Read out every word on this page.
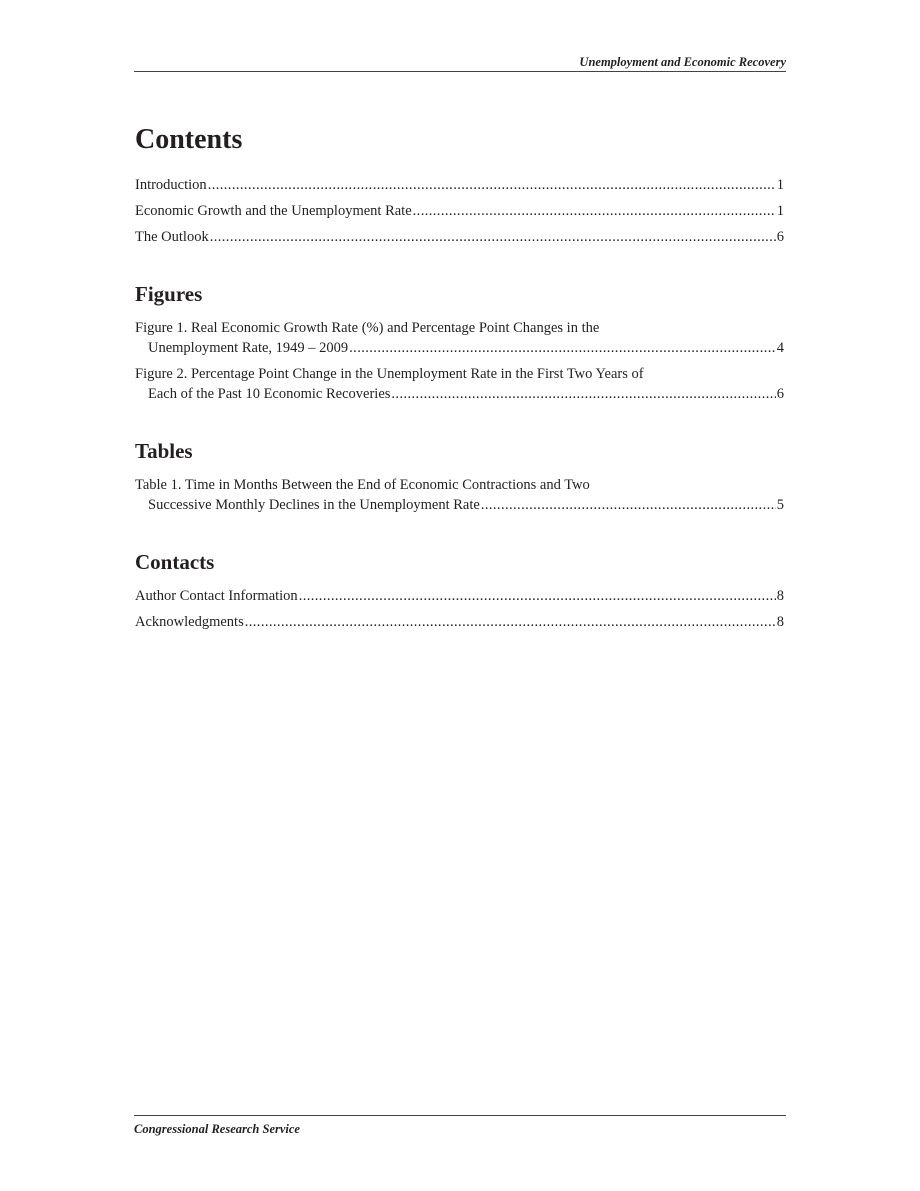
Unemployment and Economic Recovery
Contents
Introduction .....	1
Economic Growth and the Unemployment Rate .....	1
The Outlook .....	6
Figures
Figure 1. Real Economic Growth Rate (%) and Percentage Point Changes in the
Unemployment Rate, 1949 – 2009 .....	4
Figure 2. Percentage Point Change in the Unemployment Rate in the First Two Years of
Each of the Past 10 Economic Recoveries .....	6
Tables
Table 1. Time in Months Between the End of Economic Contractions and Two
Successive Monthly Declines in the Unemployment Rate .....	5
Contacts
Author Contact Information .....	8
Acknowledgments .....	8
Congressional Research Service
